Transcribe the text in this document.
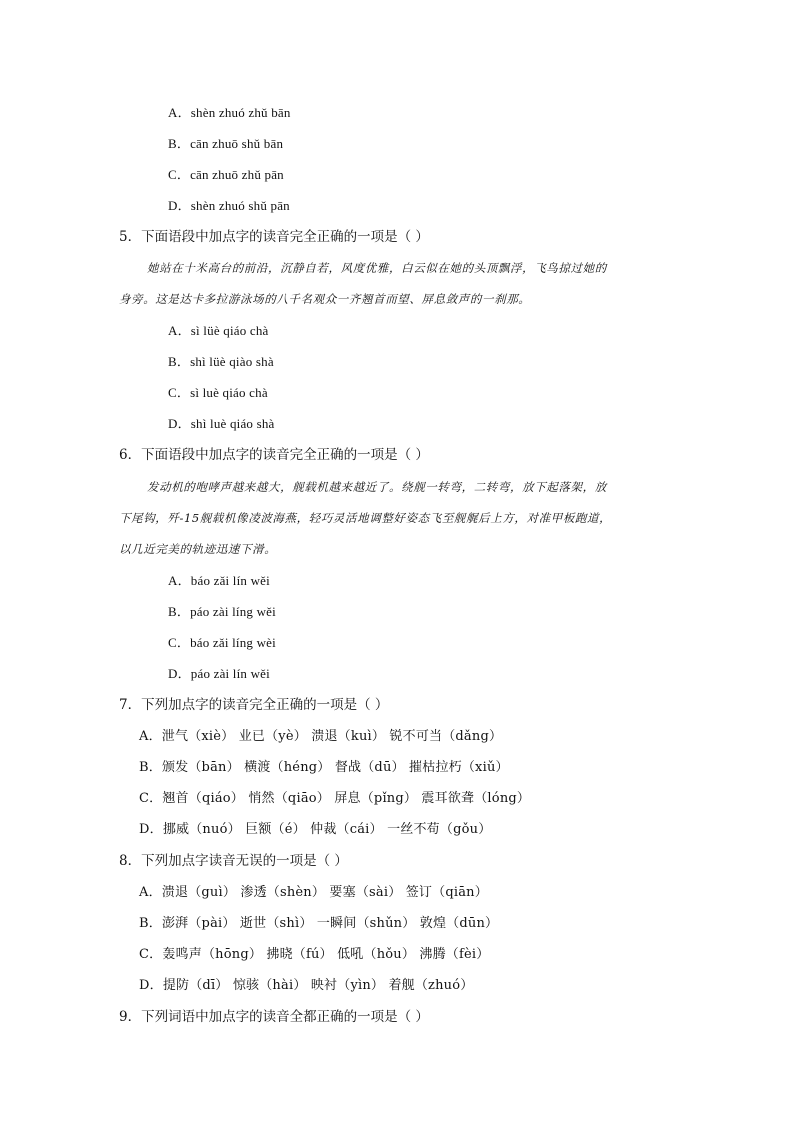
A．shèn zhuó zhǔ bān
B．cān zhuō shǔ bān
C．cān zhuō zhǔ pān
D．shèn zhuó shǔ pān
5．下面语段中加点字的读音完全正确的一项是（ ）
她站在十米高台的前沿，沉静自若，风度优雅，白云似在她的头顶飘浮，飞鸟掠过她的
身旁。这是达卡多拉游泳场的八千名观众一齐翘首而望、屏息敛声的一刹那。
A．sì lüè qiáo chà
B．shì lüè qiào shà
C．sì luè qiáo chà
D．shì luè qiáo shà
6．下面语段中加点字的读音完全正确的一项是（ ）
发动机的咆哮声越来越大，舰载机越来越近了。绕舰一转弯，二转弯，放下起落架，放
下尾钩，歼-15舰载机像凌波海燕，轻巧灵活地调整好姿态飞至舰艉后上方，对准甲板跑道，
以几近完美的轨迹迅速下滑。
A．báo zǎi lín wěi
B．páo zài líng wěi
C．báo zǎi líng wèi
D．páo zài lín wěi
7．下列加点字的读音完全正确的一项是（ ）
A．泄气（xiè） 业已（yè） 溃退（kuì） 锐不可当（dǎng）
B．颁发（bān） 横渡（héng） 督战（dū） 摧枯拉朽（xiǔ）
C．翘首（qiáo） 悄然（qiāo） 屏息（pǐng） 震耳欲聋（lóng）
D．挪威（nuó） 巨额（é） 仲裁（cái） 一丝不苟（gǒu）
8．下列加点字读音无误的一项是（ ）
A．溃退（guì） 渗透（shèn） 要塞（sài） 签订（qiān）
B．澎湃（pài） 逝世（shì） 一瞬间（shǔn） 敦煌（dūn）
C．轰鸣声（hōng） 拂晓（fú） 低吼（hǒu） 沸腾（fèi）
D．提防（dī） 惊骇（hài） 映衬（yìn） 着舰（zhuó）
9．下列词语中加点字的读音全都正确的一项是（ ）
